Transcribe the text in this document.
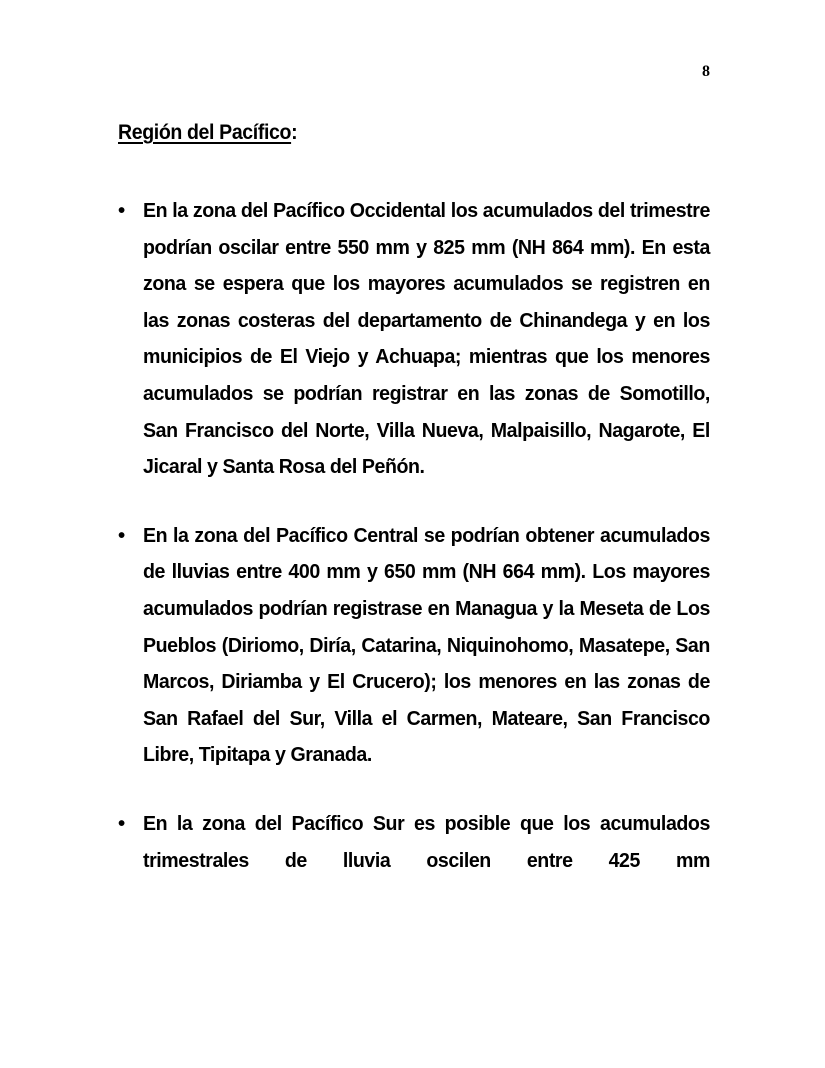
8
Región del Pacífico:

• En la zona del Pacífico Occidental los acumulados del trimestre podrían oscilar entre 550 mm y 825 mm (NH 864 mm). En esta zona se espera que los mayores acumulados se registren en las zonas costeras del departamento de Chinandega y en los municipios de El Viejo y Achuapa; mientras que los menores acumulados se podrían registrar en las zonas de Somotillo, San Francisco del Norte, Villa Nueva, Malpaisillo, Nagarote, El Jicaral y Santa Rosa del Peñón.

• En la zona del Pacífico Central se podrían obtener acumulados de lluvias entre 400 mm y 650 mm (NH 664 mm). Los mayores acumulados podrían registrase en Managua y la Meseta de Los Pueblos (Diriomo, Diría, Catarina, Niquinohomo, Masatepe, San Marcos, Diriamba y El Crucero); los menores en las zonas de San Rafael del Sur, Villa el Carmen, Mateare, San Francisco Libre, Tipitapa y Granada.

• En la zona del Pacífico Sur es posible que los acumulados trimestrales de lluvia oscilen entre 425 mm
